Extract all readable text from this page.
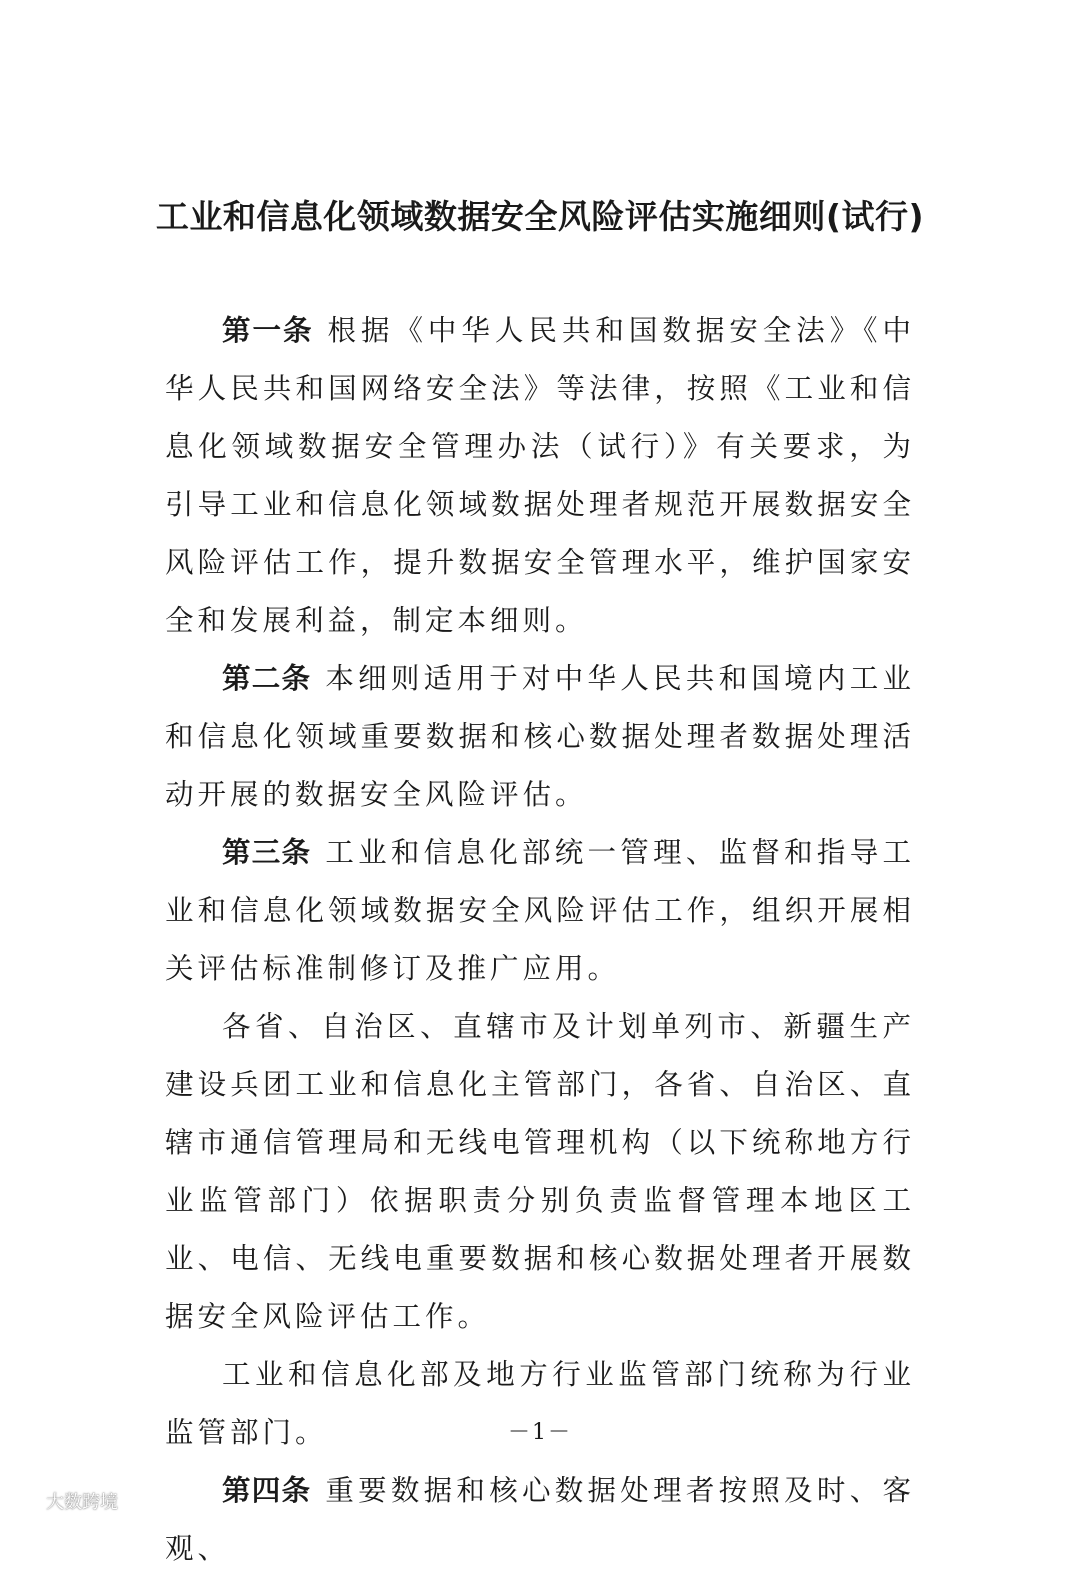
工业和信息化领域数据安全风险评估实施细则(试行)

第一条 根据《中华人民共和国数据安全法》《中华人民共和国网络安全法》等法律，按照《工业和信息化领域数据安全管理办法（试行）》有关要求，为引导工业和信息化领域数据处理者规范开展数据安全风险评估工作，提升数据安全管理水平，维护国家安全和发展利益，制定本细则。

第二条 本细则适用于对中华人民共和国境内工业和信息化领域重要数据和核心数据处理者数据处理活动开展的数据安全风险评估。

第三条 工业和信息化部统一管理、监督和指导工业和信息化领域数据安全风险评估工作，组织开展相关评估标准制修订及推广应用。

各省、自治区、直辖市及计划单列市、新疆生产建设兵团工业和信息化主管部门，各省、自治区、直辖市通信管理局和无线电管理机构（以下统称地方行业监管部门）依据职责分别负责监督管理本地区工业、电信、无线电重要数据和核心数据处理者开展数据安全风险评估工作。

工业和信息化部及地方行业监管部门统称为行业监管部门。

第四条 重要数据和核心数据处理者按照及时、客观、

－1－
大数跨境
